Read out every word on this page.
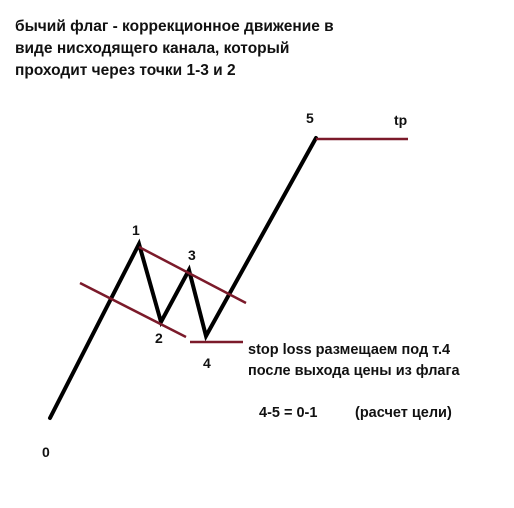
бычий флаг - коррекционное движение в
виде нисходящего канала, который
проходит через точки 1-3 и 2
0
1
2
3
4
5	tp
stop loss размещаем под т.4
после выхода цены из флага
4-5 = 0-1	(расчет цели)
